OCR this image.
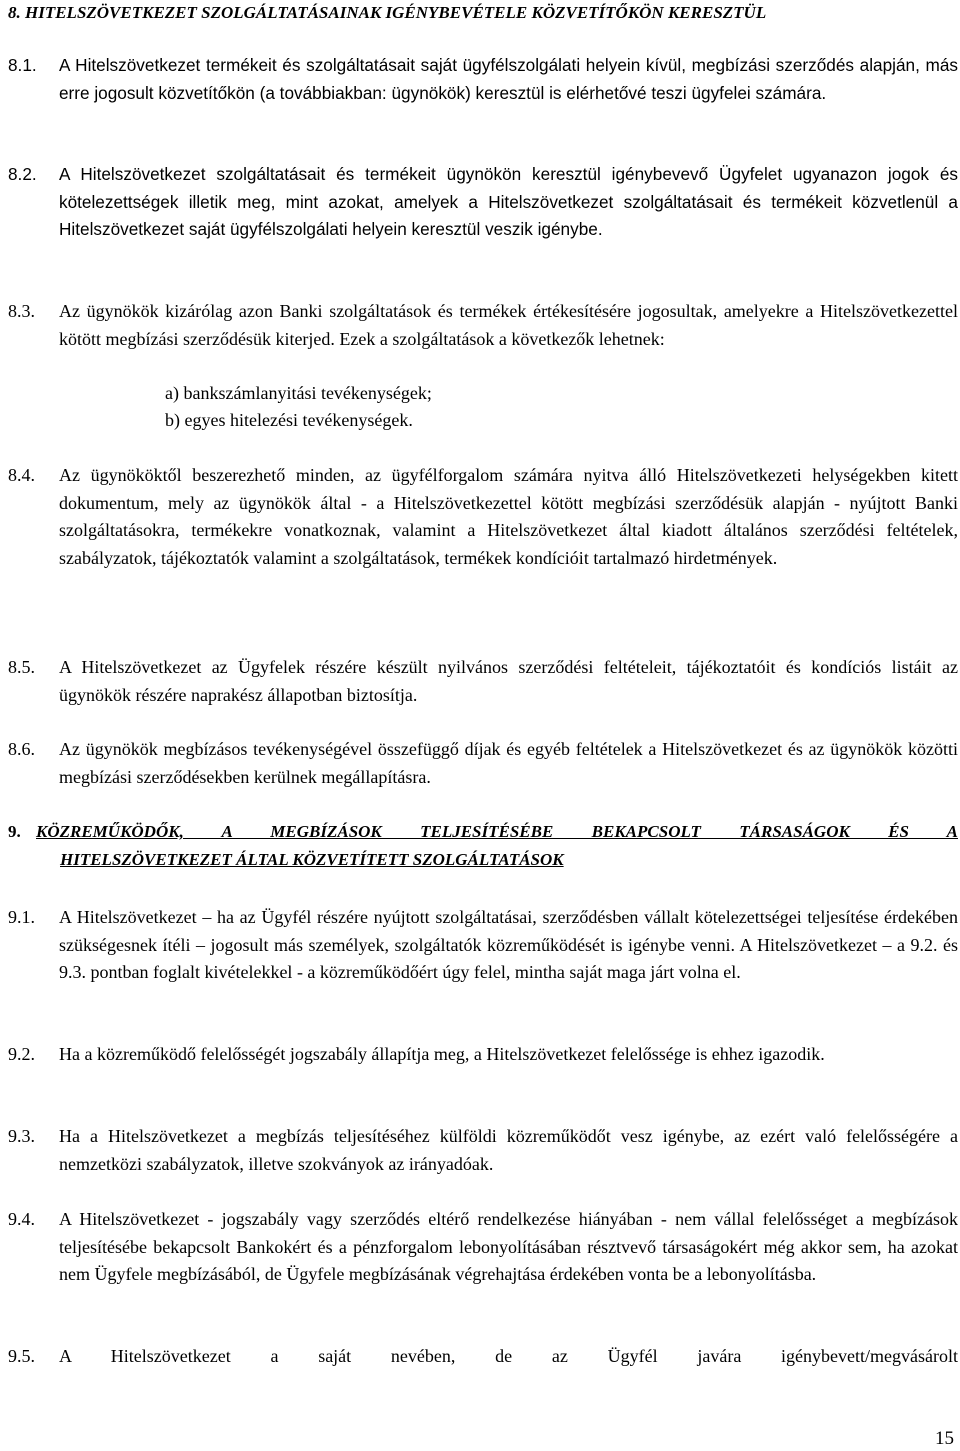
8. HITELSZÖVETKEZET SZOLGÁLTATÁSAINAK IGÉNYBEVÉTELE KÖZVETÍTŐKÖN KERESZTÜL
8.1.	A Hitelszövetkezet termékeit és szolgáltatásait saját ügyfélszolgálati helyein kívül, megbízási szerződés alapján, más erre jogosult közvetítőkön (a továbbiakban: ügynökök) keresztül is elérhetővé teszi ügyfelei számára.
8.2.	A Hitelszövetkezet szolgáltatásait és termékeit ügynökön keresztül igénybevevő Ügyfelet ugyanazon jogok és kötelezettségek illetik meg, mint azokat, amelyek a Hitelszövetkezet szolgáltatásait és termékeit közvetlenül a Hitelszövetkezet saját ügyfélszolgálati helyein keresztül veszik igénybe.
8.3.	Az ügynökök kizárólag azon Banki szolgáltatások és termékek értékesítésére jogosultak, amelyekre a Hitelszövetkezettel kötött megbízási szerződésük kiterjed. Ezek a szolgáltatások a következők lehetnek:
a) bankszámlanyitási tevékenységek;
b) egyes hitelezési tevékenységek.
8.4.	Az ügynököktől beszerezhető minden, az ügyfélforgalom számára nyitva álló Hitelszövetkezeti helységekben kitett dokumentum, mely az ügynökök által - a Hitelszövetkezettel kötött megbízási szerződésük alapján - nyújtott Banki szolgáltatásokra, termékekre vonatkoznak, valamint a Hitelszövetkezet által kiadott általános szerződési feltételek, szabályzatok, tájékoztatók valamint a szolgáltatások, termékek kondícióit tartalmazó hirdetmények.
8.5.	A Hitelszövetkezet az Ügyfelek részére készült nyilvános szerződési feltételeit, tájékoztatóit és kondíciós listáit az ügynökök részére naprakész állapotban biztosítja.
8.6.	Az ügynökök megbízásos tevékenységével összefüggő díjak és egyéb feltételek a Hitelszövetkezet és az ügynökök közötti megbízási szerződésekben kerülnek megállapításra.
9. KÖZREMŰKÖDŐK, A MEGBÍZÁSOK TELJESÍTÉSÉBE BEKAPCSOLT TÁRSASÁGOK ÉS A
HITELSZÖVETKEZET ÁLTAL KÖZVETÍTETT SZOLGÁLTATÁSOK
9.1.	A Hitelszövetkezet – ha az Ügyfél részére nyújtott szolgáltatásai, szerződésben vállalt kötelezettségei teljesítése érdekében szükségesnek ítéli – jogosult más személyek, szolgáltatók közreműködését is igénybe venni. A Hitelszövetkezet – a 9.2. és 9.3. pontban foglalt kivételekkel - a közreműködőért úgy felel, mintha saját maga járt volna el.
9.2.	Ha a közreműködő felelősségét jogszabály állapítja meg, a Hitelszövetkezet felelőssége is ehhez igazodik.
9.3.	Ha a Hitelszövetkezet a megbízás teljesítéséhez külföldi közreműködőt vesz igénybe, az ezért való felelősségére a nemzetközi szabályzatok, illetve szokványok az irányadóak.
9.4.	A Hitelszövetkezet - jogszabály vagy szerződés eltérő rendelkezése hiányában - nem vállal felelősséget a megbízások teljesítésébe bekapcsolt Bankokért és a pénzforgalom lebonyolításában résztvevő társaságokért még akkor sem, ha azokat nem Ügyfele megbízásából, de Ügyfele megbízásának végrehajtása érdekében vonta be a lebonyolításba.
9.5.	A Hitelszövetkezet a saját nevében, de az Ügyfél javára igénybevett/megvásárolt
15
